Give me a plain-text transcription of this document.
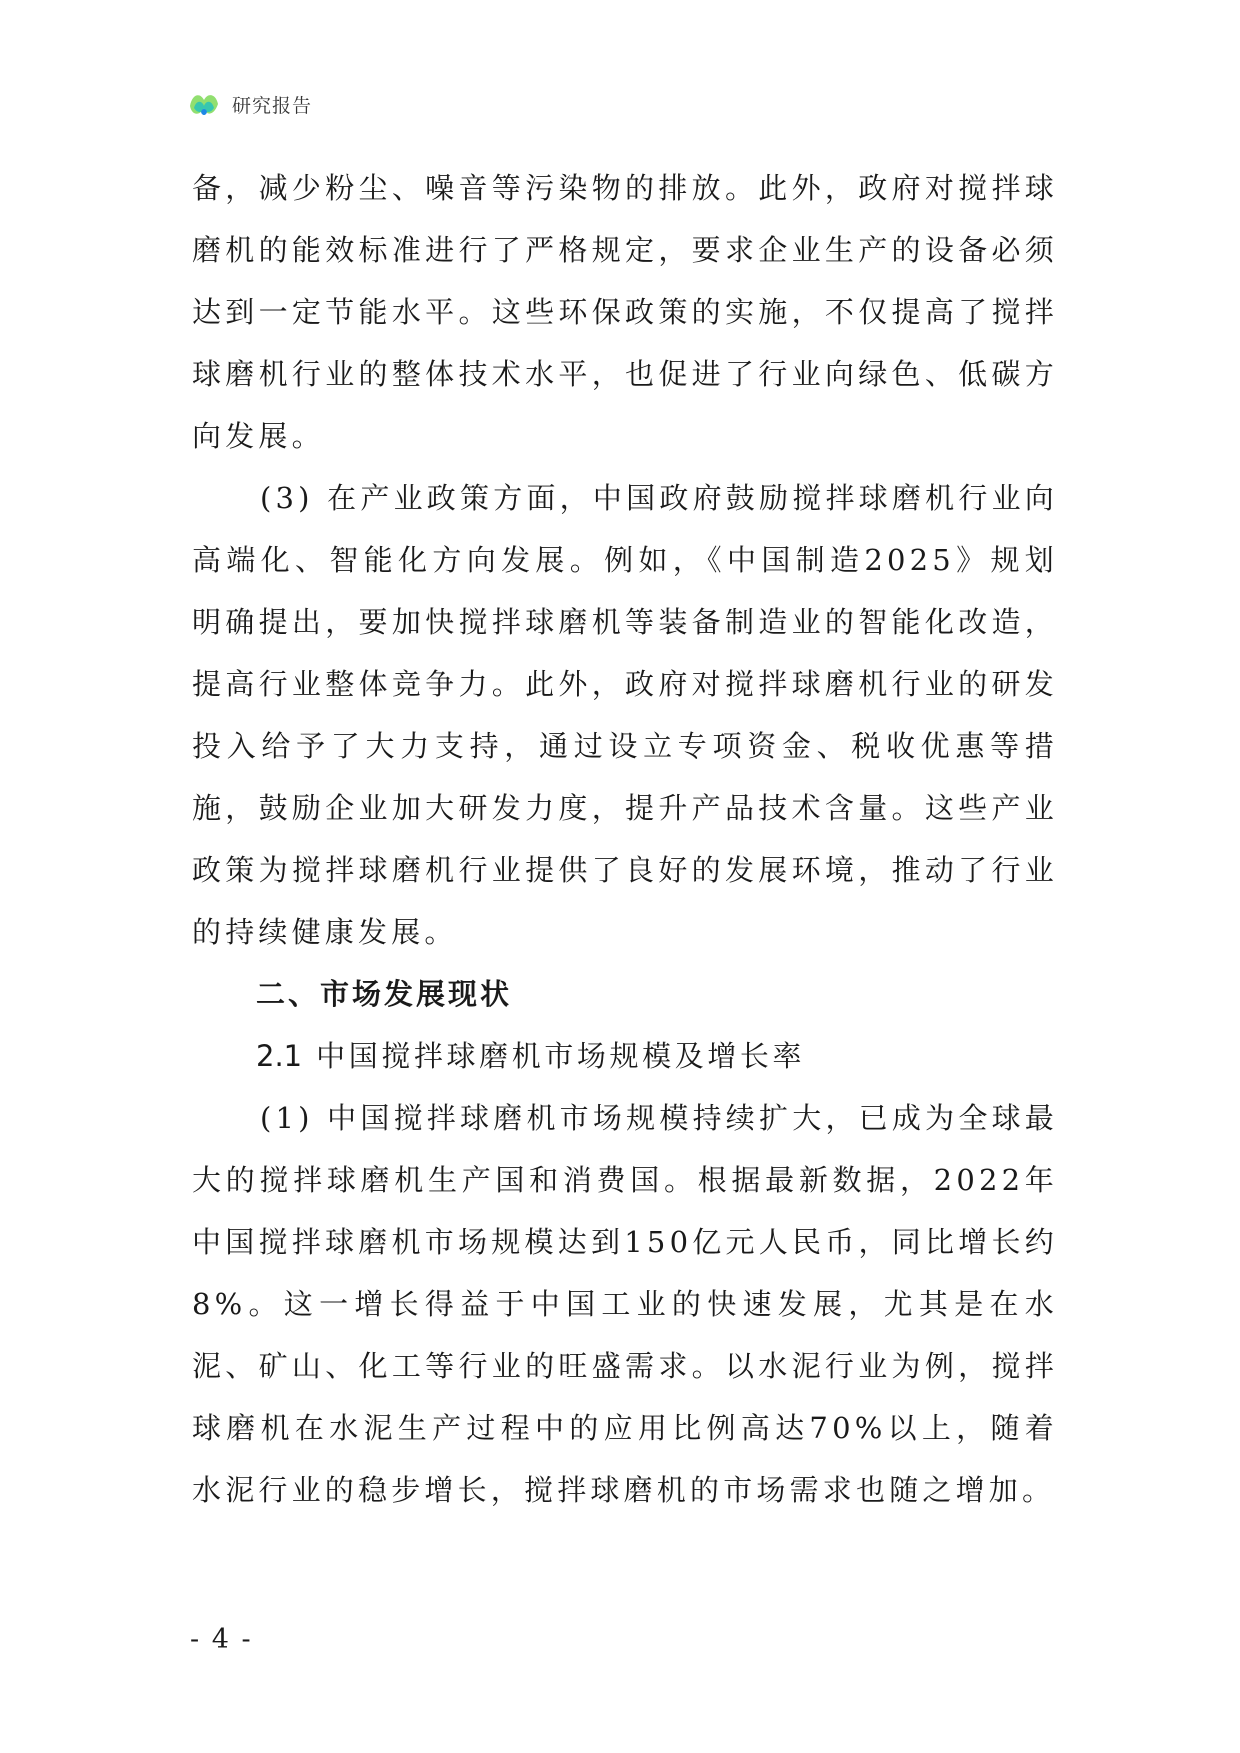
研究报告

备，减少粉尘、噪音等污染物的排放。此外，政府对搅拌球磨机的能效标准进行了严格规定，要求企业生产的设备必须达到一定节能水平。这些环保政策的实施，不仅提高了搅拌球磨机行业的整体技术水平，也促进了行业向绿色、低碳方向发展。

(3) 在产业政策方面，中国政府鼓励搅拌球磨机行业向高端化、智能化方向发展。例如，《中国制造2025》规划明确提出，要加快搅拌球磨机等装备制造业的智能化改造，提高行业整体竞争力。此外，政府对搅拌球磨机行业的研发投入给予了大力支持，通过设立专项资金、税收优惠等措施，鼓励企业加大研发力度，提升产品技术含量。这些产业政策为搅拌球磨机行业提供了良好的发展环境，推动了行业的持续健康发展。

二、市场发展现状

2.1 中国搅拌球磨机市场规模及增长率

(1) 中国搅拌球磨机市场规模持续扩大，已成为全球最大的搅拌球磨机生产国和消费国。根据最新数据，2022年中国搅拌球磨机市场规模达到150亿元人民币，同比增长约8%。这一增长得益于中国工业的快速发展，尤其是在水泥、矿山、化工等行业的旺盛需求。以水泥行业为例，搅拌球磨机在水泥生产过程中的应用比例高达70%以上，随着水泥行业的稳步增长，搅拌球磨机的市场需求也随之增加。

- 4 -
